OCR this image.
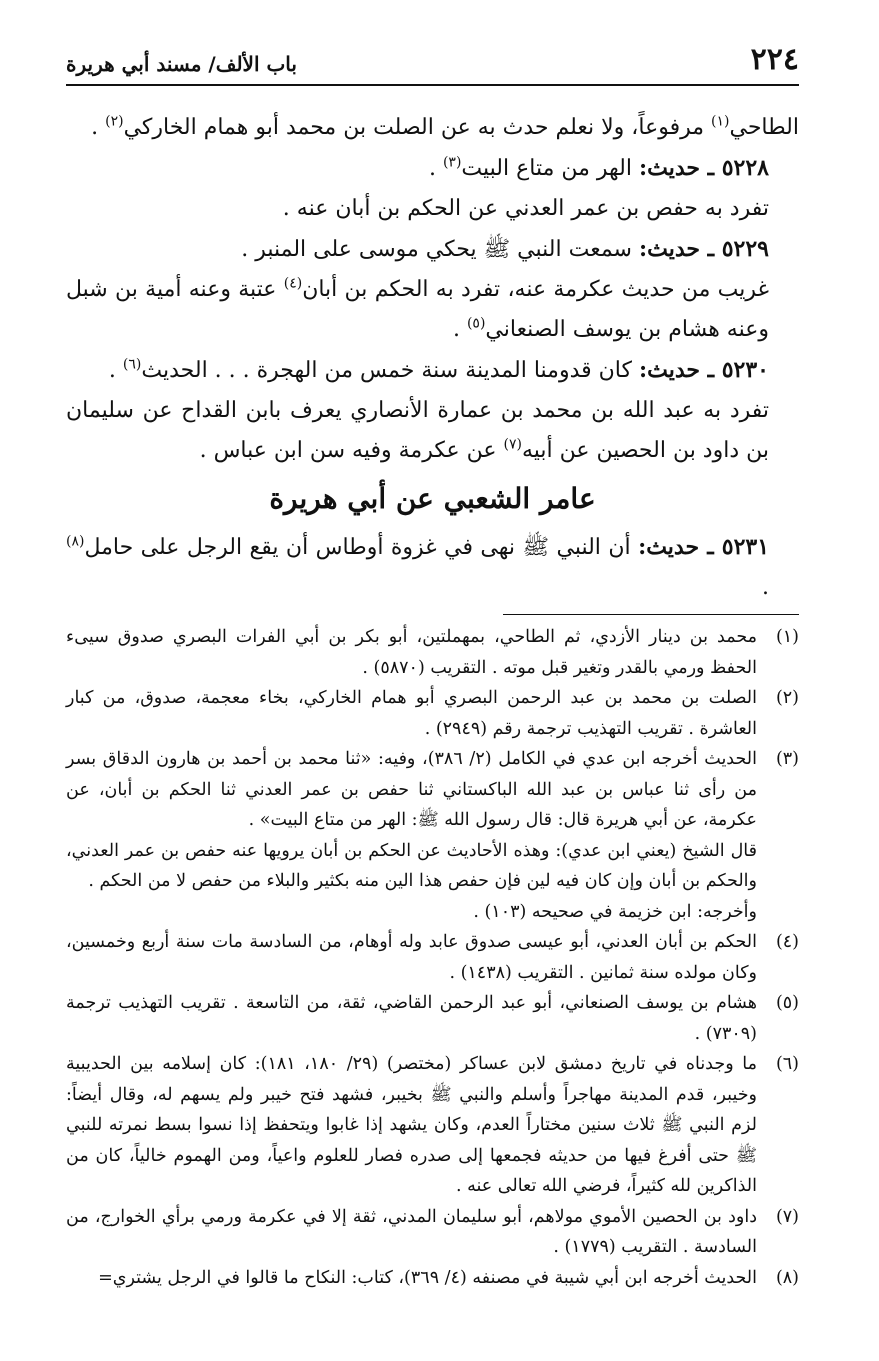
٢٢٤
باب الألف/ مسند أبي هريرة

الطاحي$^{(١)}$ مرفوعاً، ولا نعلم حدث به عن الصلت بن محمد أبو همام الخاركي$^{(٢)}$ .

٥٢٢٨ ـ حديث: الهر من متاع البيت$^{(٣)}$ .

تفرد به حفص بن عمر العدني عن الحكم بن أبان عنه .

٥٢٢٩ ـ حديث: سمعت النبي ﷺ يحكي موسى على المنبر .

غريب من حديث عكرمة عنه، تفرد به الحكم بن أبان$^{(٤)}$ عتبة وعنه أمية بن شبل وعنه هشام بن يوسف الصنعاني$^{(٥)}$ .

٥٢٣٠ ـ حديث: كان قدومنا المدينة سنة خمس من الهجرة . . . الحديث$^{(٦)}$ .

تفرد به عبد الله بن محمد بن عمارة الأنصاري يعرف بابن القداح عن سليمان بن داود بن الحصين عن أبيه$^{(٧)}$ عن عكرمة وفيه سن ابن عباس .

عامر الشعبي عن أبي هريرة

٥٢٣١ ـ حديث: أن النبي ﷺ نهى في غزوة أوطاس أن يقع الرجل على حامل$^{(٨)}$ .

(١)
محمد بن دينار الأزدي، ثم الطاحي، بمهملتين، أبو بكر بن أبي الفرات البصري صدوق سيىء الحفظ ورمي بالقدر وتغير قبل موته . التقريب (٥٨٧٠) .
(٢)
الصلت بن محمد بن عبد الرحمن البصري أبو همام الخاركي، بخاء معجمة، صدوق، من كبار العاشرة . تقريب التهذيب ترجمة رقم (٢٩٤٩) .
(٣)
الحديث أخرجه ابن عدي في الكامل (٢/ ٣٨٦)، وفيه: «ثنا محمد بن أحمد بن هارون الدقاق بسر من رأى ثنا عباس بن عبد الله الباكستاني ثنا حفص بن عمر العدني ثنا الحكم بن أبان، عن عكرمة، عن أبي هريرة قال: قال رسول الله ﷺ: الهر من متاع البيت» .
قال الشيخ (يعني ابن عدي): وهذه الأحاديث عن الحكم بن أبان يرويها عنه حفص بن عمر العدني، والحكم بن أبان وإن كان فيه لين فإن حفص هذا الين منه بكثير والبلاء من حفص لا من الحكم .
وأخرجه: ابن خزيمة في صحيحه (١٠٣) .
(٤)
الحكم بن أبان العدني، أبو عيسى صدوق عابد وله أوهام، من السادسة مات سنة أربع وخمسين، وكان مولده سنة ثمانين . التقريب (١٤٣٨) .
(٥)
هشام بن يوسف الصنعاني، أبو عبد الرحمن القاضي، ثقة، من التاسعة . تقريب التهذيب ترجمة (٧٣٠٩) .
(٦)
ما وجدناه في تاريخ دمشق لابن عساكر (مختصر) (٢٩/ ١٨٠، ١٨١): كان إسلامه بين الحديبية وخيبر، قدم المدينة مهاجراً وأسلم والنبي ﷺ بخيبر، فشهد فتح خيبر ولم يسهم له، وقال أيضاً: لزم النبي ﷺ ثلاث سنين مختاراً العدم، وكان يشهد إذا غابوا ويتحفظ إذا نسوا بسط نمرته للنبي ﷺ حتى أفرغ فيها من حديثه فجمعها إلى صدره فصار للعلوم واعياً، ومن الهموم خالياً، كان من الذاكرين لله كثيراً، فرضي الله تعالى عنه .
(٧)
داود بن الحصين الأموي مولاهم، أبو سليمان المدني، ثقة إلا في عكرمة ورمي برأي الخوارج، من السادسة . التقريب (١٧٧٩) .
(٨)
الحديث أخرجه ابن أبي شيبة في مصنفه (٤/ ٣٦٩)، كتاب: النكاح ما قالوا في الرجل يشتري=
